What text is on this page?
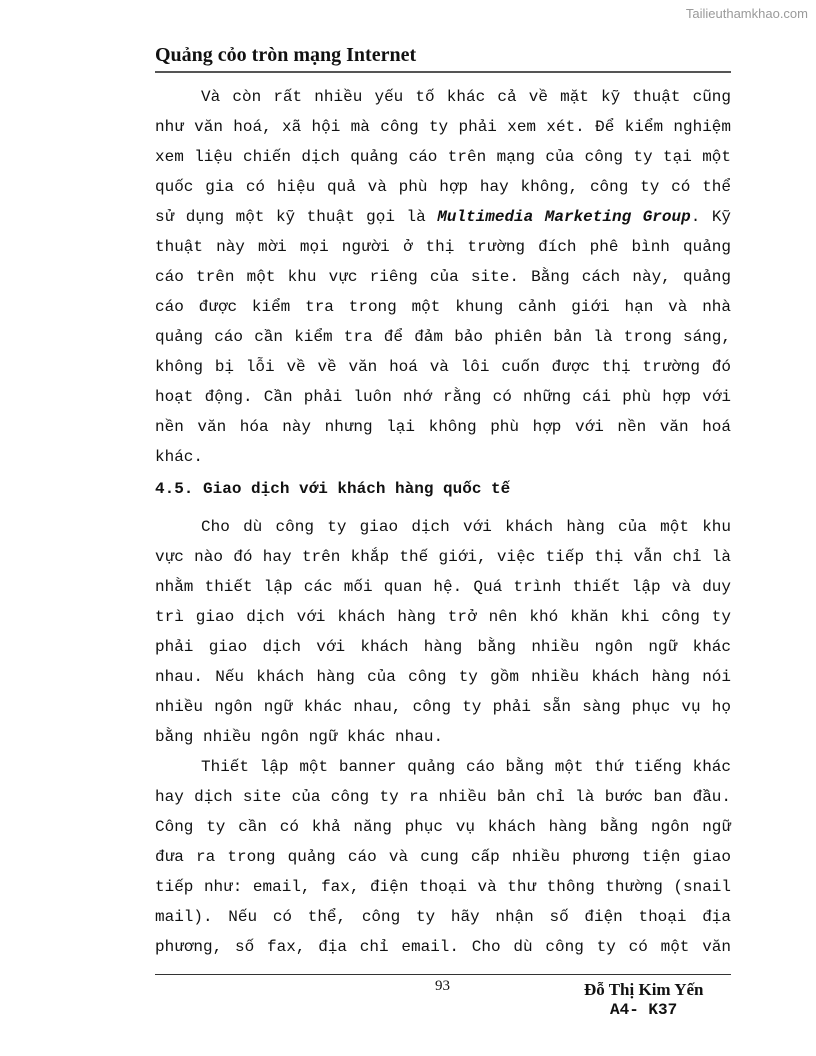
Tailieuthamkhao.com
Quảng cỏo tròn mạng Internet
4.5. Giao dịch với khách hàng quốc tế
Và còn rất nhiều yếu tố khác cả về mặt kỹ thuật cũng
như văn hoá, xã hội mà công ty phải xem xét. Để kiểm nghiệm
xem liệu chiến dịch quảng cáo trên mạng của công ty tại một
quốc gia có hiệu quả và phù hợp hay không, công ty có thể
sử dụng một kỹ thuật gọi là Multimedia Marketing Group. Kỹ
thuật này mời mọi người ở thị trường đích phê bình quảng
cáo trên một khu vực riêng của site. Bằng cách này, quảng
cáo được kiểm tra trong một khung cảnh giới hạn và nhà
quảng cáo cần kiểm tra để đảm bảo phiên bản là trong sáng,
không bị lỗi về về văn hoá và lôi cuốn được thị trường đó
hoạt động. Cần phải luôn nhớ rằng có những cái phù hợp với
nền văn hóa này nhưng lại không phù hợp với nền văn hoá
khác.
Cho dù công ty giao dịch với khách hàng của một khu
vực nào đó hay trên khắp thế giới, việc tiếp thị vẫn chỉ là
nhằm thiết lập các mối quan hệ. Quá trình thiết lập và duy
trì giao dịch với khách hàng trở nên khó khăn khi công ty
phải giao dịch với khách hàng bằng nhiều ngôn ngữ khác
nhau. Nếu khách hàng của công ty gồm nhiều khách hàng nói
nhiều ngôn ngữ khác nhau, công ty phải sẵn sàng phục vụ họ
bằng nhiều ngôn ngữ khác nhau.
Thiết lập một banner quảng cáo bằng một thứ tiếng khác
hay dịch site của công ty ra nhiều bản chỉ là bước ban đầu.
Công ty cần có khả năng phục vụ khách hàng bằng ngôn ngữ
đưa ra trong quảng cáo và cung cấp nhiều phương tiện giao
tiếp như: email, fax, điện thoại và thư thông thường (snail
mail). Nếu có thể, công ty hãy nhận số điện thoại địa
phương, số fax, địa chỉ email. Cho dù công ty có một văn
93	Đỗ Thị Kim Yến
A4- K37
